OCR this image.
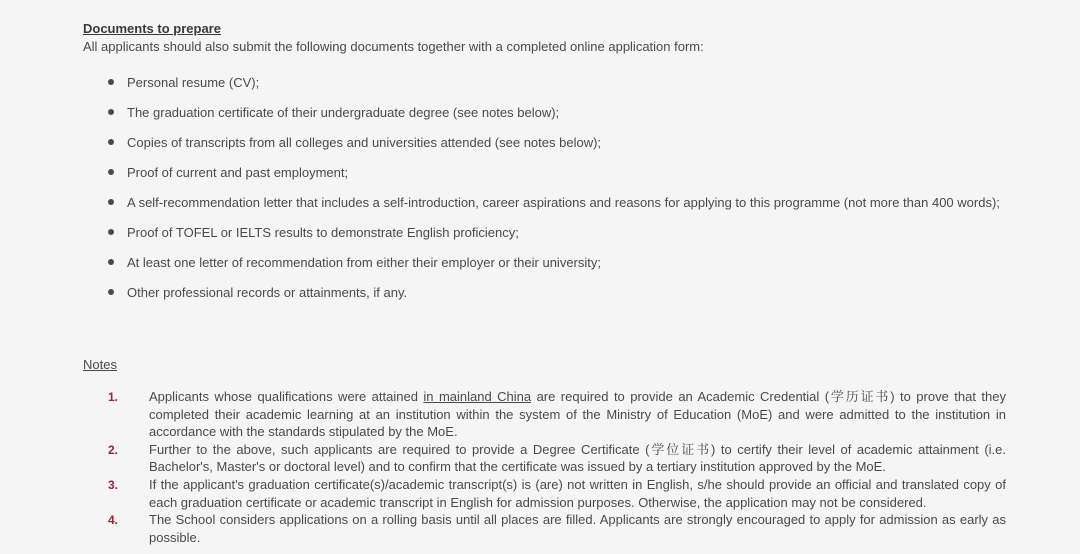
Documents to prepare
All applicants should also submit the following documents together with a completed online application form:
Personal resume (CV);
The graduation certificate of their undergraduate degree (see notes below);
Copies of transcripts from all colleges and universities attended (see notes below);
Proof of current and past employment;
A self-recommendation letter that includes a self-introduction, career aspirations and reasons for applying to this programme (not more than 400 words);
Proof of TOFEL or IELTS results to demonstrate English proficiency;
At least one letter of recommendation from either their employer or their university;
Other professional records or attainments, if any.
Notes
1. Applicants whose qualifications were attained in mainland China are required to provide an Academic Credential (学历证书) to prove that they completed their academic learning at an institution within the system of the Ministry of Education (MoE) and were admitted to the institution in accordance with the standards stipulated by the MoE.
2. Further to the above, such applicants are required to provide a Degree Certificate (学位证书) to certify their level of academic attainment (i.e. Bachelor's, Master's or doctoral level) and to confirm that the certificate was issued by a tertiary institution approved by the MoE.
3. If the applicant's graduation certificate(s)/academic transcript(s) is (are) not written in English, s/he should provide an official and translated copy of each graduation certificate or academic transcript in English for admission purposes. Otherwise, the application may not be considered.
4. The School considers applications on a rolling basis until all places are filled. Applicants are strongly encouraged to apply for admission as early as possible.
